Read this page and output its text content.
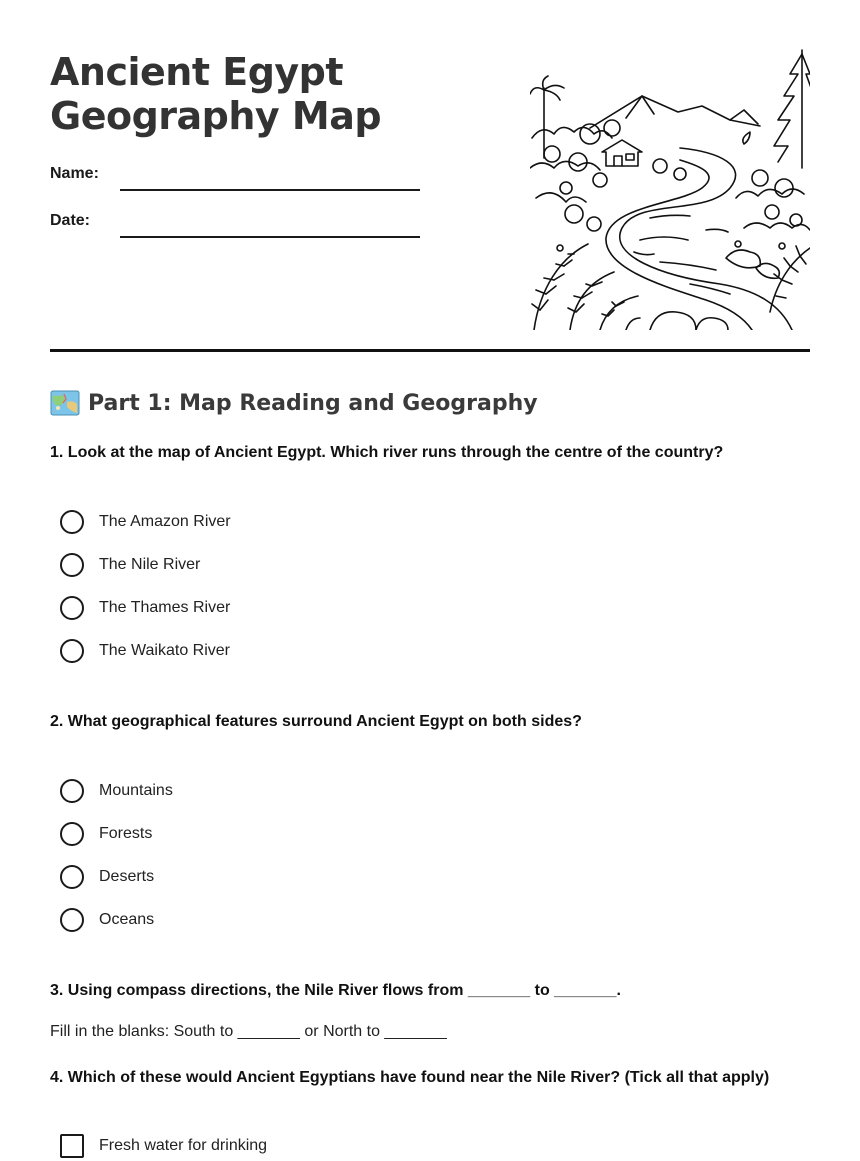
Ancient Egypt
Geography Map
Name:
Date:
Part 1: Map Reading and Geography

1. Look at the map of Ancient Egypt. Which river runs through the centre of the country?

The Amazon River
The Nile River
The Thames River
The Waikato River

2. What geographical features surround Ancient Egypt on both sides?

Mountains
Forests
Deserts
Oceans

3. Using compass directions, the Nile River flows from _______ to _______.

Fill in the blanks: South to _______ or North to _______

4. Which of these would Ancient Egyptians have found near the Nile River? (Tick all that apply)

Fresh water for drinking
